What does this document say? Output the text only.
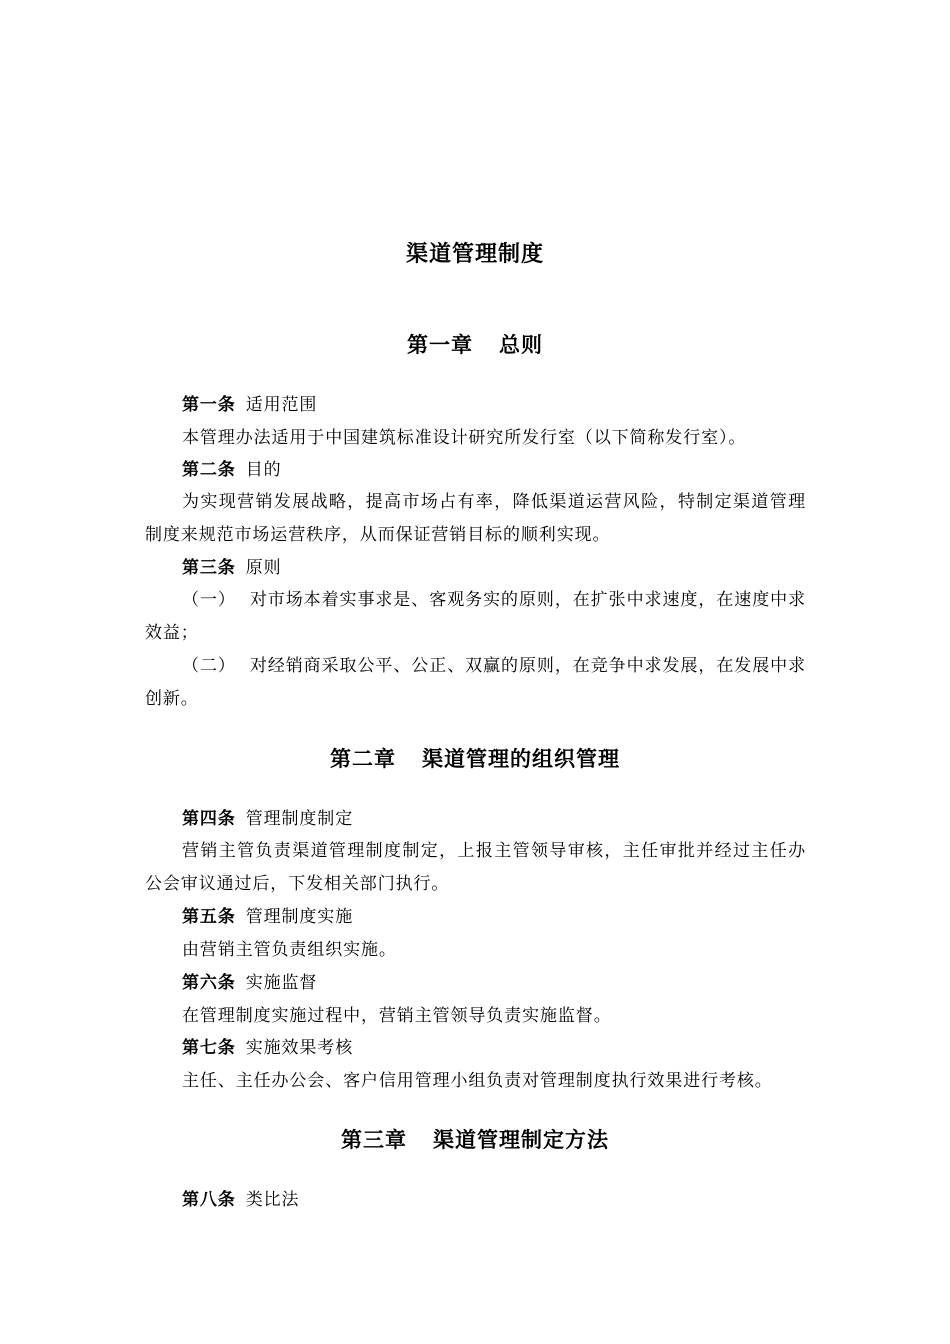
渠道管理制度
第一章 总则
第一条 适用范围
本管理办法适用于中国建筑标准设计研究所发行室（以下简称发行室）。
第二条 目的
为实现营销发展战略，提高市场占有率，降低渠道运营风险，特制定渠道管理制度来规范市场运营秩序，从而保证营销目标的顺利实现。
第三条 原则
（一） 对市场本着实事求是、客观务实的原则，在扩张中求速度，在速度中求效益；
（二） 对经销商采取公平、公正、双赢的原则，在竞争中求发展，在发展中求创新。
第二章 渠道管理的组织管理
第四条 管理制度制定
营销主管负责渠道管理制度制定，上报主管领导审核，主任审批并经过主任办公会审议通过后，下发相关部门执行。
第五条 管理制度实施
由营销主管负责组织实施。
第六条 实施监督
在管理制度实施过程中，营销主管领导负责实施监督。
第七条 实施效果考核
主任、主任办公会、客户信用管理小组负责对管理制度执行效果进行考核。
第三章 渠道管理制定方法
第八条 类比法
